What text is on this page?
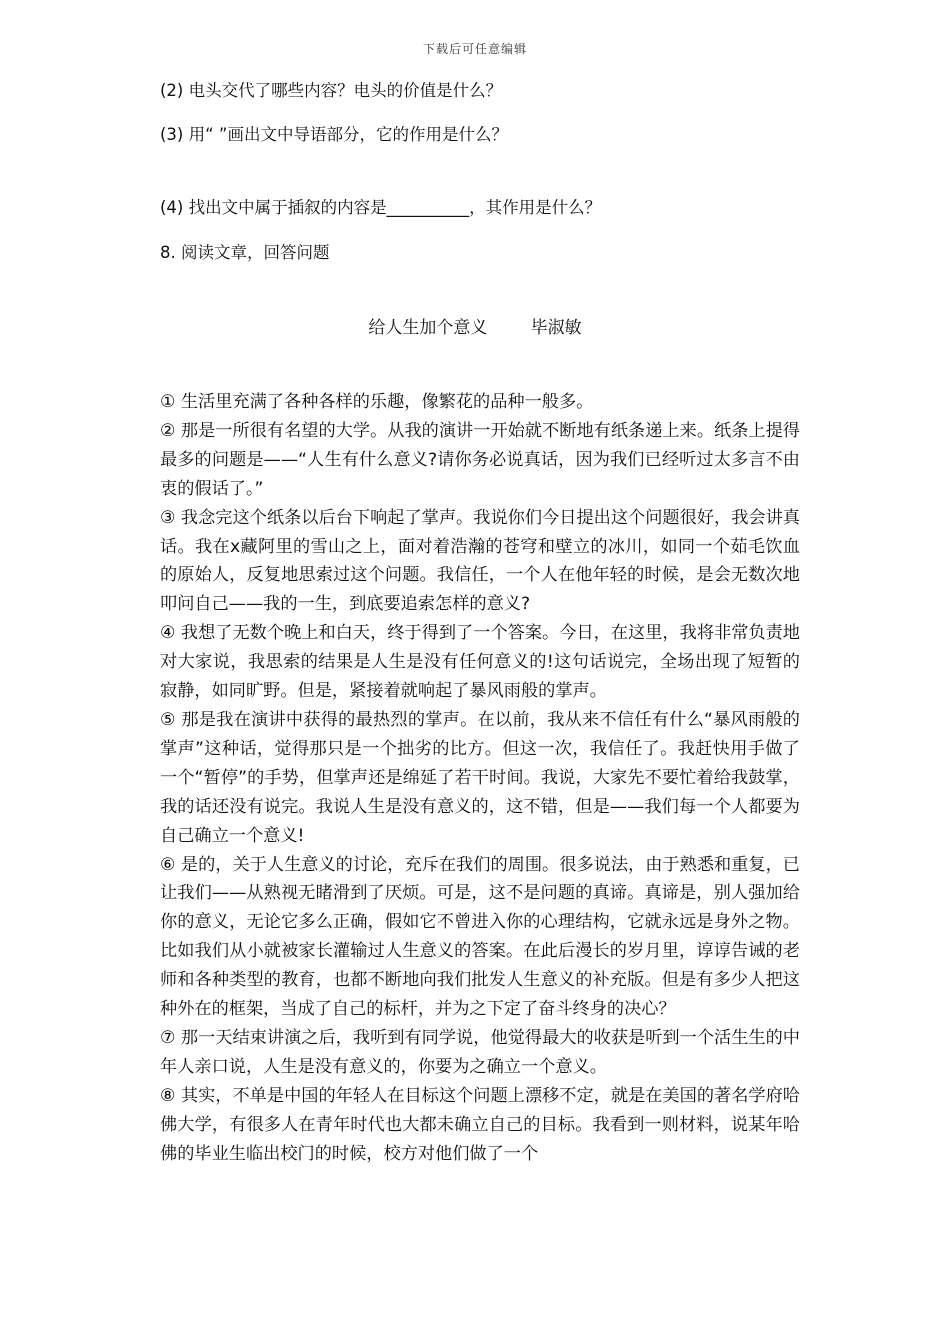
下载后可任意编辑
(2) 电头交代了哪些内容？电头的价值是什么？
(3) 用“ ”画出文中导语部分，它的作用是什么？
(4) 找出文中属于插叙的内容是__________，其作用是什么？
8. 阅读文章，回答问题
给人生加个意义        毕淑敏

① 生活里充满了各种各样的乐趣，像繁花的品种一般多。

② 那是一所很有名望的大学。从我的演讲一开始就不断地有纸条递上来。纸条上提得最多的问题是——“人生有什么意义?请你务必说真话，因为我们已经听过太多言不由衷的假话了。”

③ 我念完这个纸条以后台下响起了掌声。我说你们今日提出这个问题很好，我会讲真话。我在x藏阿里的雪山之上，面对着浩瀚的苍穹和壁立的冰川，如同一个茹毛饮血的原始人，反复地思索过这个问题。我信任，一个人在他年轻的时候，是会无数次地叩问自己——我的一生，到底要追索怎样的意义?

④ 我想了无数个晚上和白天，终于得到了一个答案。今日，在这里，我将非常负责地对大家说，我思索的结果是人生是没有任何意义的!这句话说完，全场出现了短暂的寂静，如同旷野。但是，紧接着就响起了暴风雨般的掌声。

⑤ 那是我在演讲中获得的最热烈的掌声。在以前，我从来不信任有什么“暴风雨般的掌声”这种话，觉得那只是一个拙劣的比方。但这一次，我信任了。我赶快用手做了一个“暂停”的手势，但掌声还是绵延了若干时间。我说，大家先不要忙着给我鼓掌，我的话还没有说完。我说人生是没有意义的，这不错，但是——我们每一个人都要为自己确立一个意义!

⑥ 是的，关于人生意义的讨论，充斥在我们的周围。很多说法，由于熟悉和重复，已让我们——从熟视无睹滑到了厌烦。可是，这不是问题的真谛。真谛是，别人强加给你的意义，无论它多么正确，假如它不曾进入你的心理结构，它就永远是身外之物。比如我们从小就被家长灌输过人生意义的答案。在此后漫长的岁月里，谆谆告诫的老师和各种类型的教育，也都不断地向我们批发人生意义的补充版。但是有多少人把这种外在的框架，当成了自己的标杆，并为之下定了奋斗终身的决心？

⑦ 那一天结束讲演之后，我听到有同学说，他觉得最大的收获是听到一个活生生的中年人亲口说，人生是没有意义的，你要为之确立一个意义。

⑧ 其实，不单是中国的年轻人在目标这个问题上漂移不定，就是在美国的著名学府哈佛大学，有很多人在青年时代也大都未确立自己的目标。我看到一则材料，说某年哈佛的毕业生临出校门的时候，校方对他们做了一个
